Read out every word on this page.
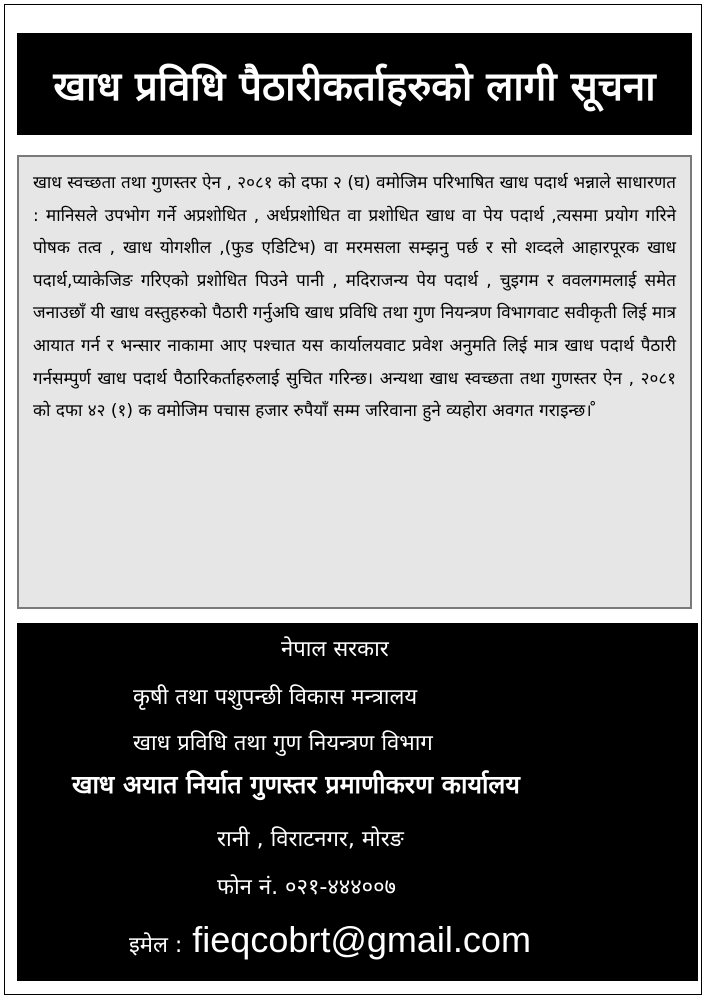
खाध प्रविधि पैठारीकर्ताहरुको लागी सूचना

खाध स्वच्छता तथा गुणस्तर ऐन , २०८१ को दफा २ (घ) वमोजिम परिभाषित खाध पदार्थ भन्नाले साधारणत : मानिसले उपभोग गर्ने अप्रशोधित , अर्धप्रशोधित वा प्रशोधित खाध वा पेय पदार्थ ,त्यसमा प्रयोग गरिने पोषक तत्व , खाध योगशील ,(फुड एडिटिभ) वा मरमसला सम्झनु पर्छ र सो शव्दले आहारपूरक खाध पदार्थ,प्याकेजिङ गरिएको प्रशोधित पिउने पानी , मदिराजन्य पेय पदार्थ , चुइगम र ववलगमलाई समेत जनाउछाँ यी खाध वस्तुहरुको पैठारी गर्नुअघि खाध प्रविधि तथा गुण नियन्त्रण विभागवाट सवीकृती लिई मात्र आयात गर्न र भन्सार नाकामा आए पश्चात यस कार्यालयवाट प्रवेश अनुमति लिई मात्र खाध पदार्थ पैठारी गर्नसम्पुर्ण खाध पदार्थ पैठारिकर्ताहरुलाई सुचित गरिन्छ। अन्यथा खाध स्वच्छता तथा गुणस्तर ऐन , २०८१ को दफा ४२ (१) क वमोजिम पचास हजार रुपैयाँ सम्म जरिवाना हुने व्यहोरा अवगत गराइन्छ। ̊

नेपाल सरकार
कृषी तथा पशुपन्छी विकास मन्त्रालय
खाध प्रविधि तथा गुण नियन्त्रण विभाग
खाध अयात निर्यात गुणस्तर प्रमाणीकरण कार्यालय
रानी , विराटनगर, मोरङ
फोन नं. ०२१-४४४००७
इमेल : fieqcobrt@gmail.com
